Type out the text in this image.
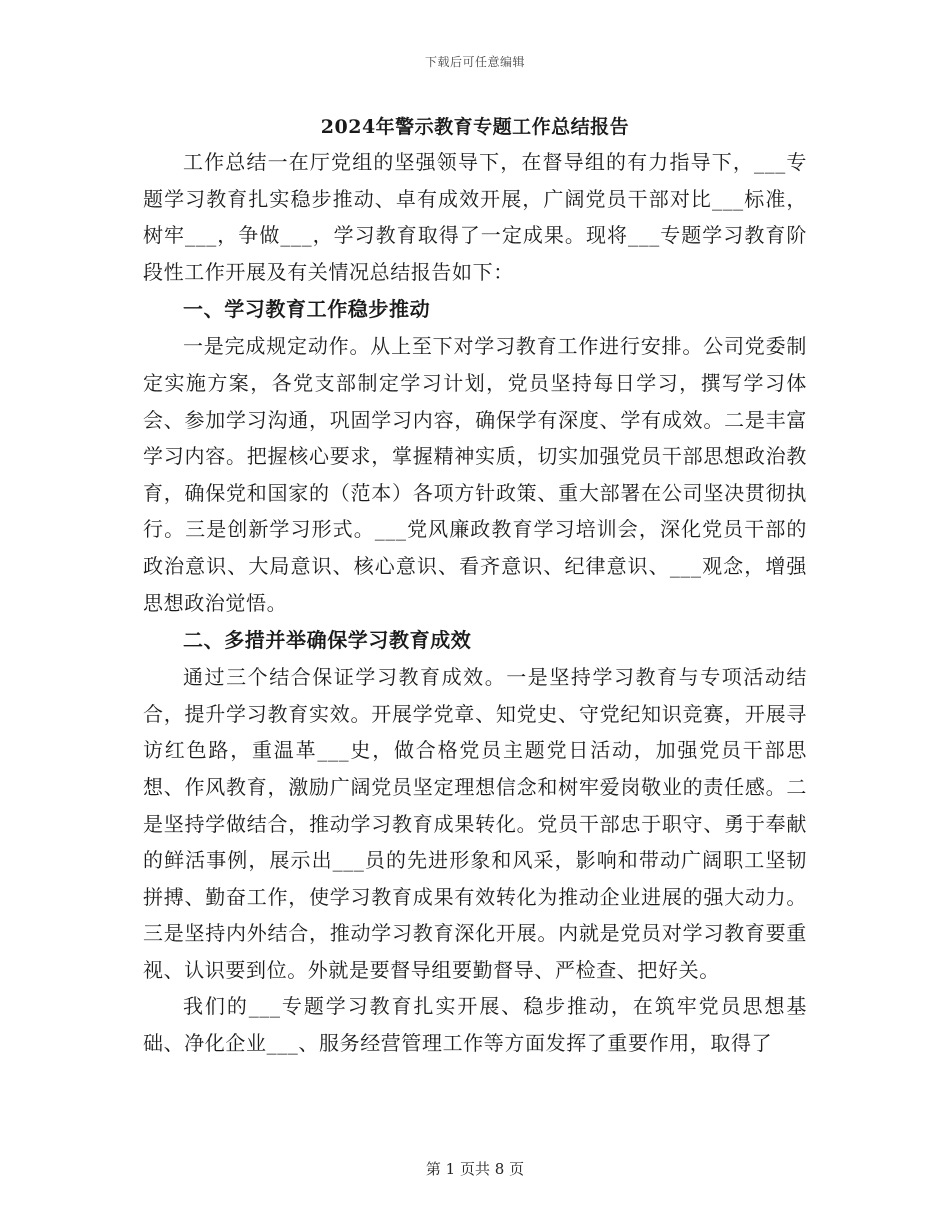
下载后可任意编辑
2024年警示教育专题工作总结报告

工作总结一在厅党组的坚强领导下，在督导组的有力指导下，___专题学习教育扎实稳步推动、卓有成效开展，广阔党员干部对比___标准，树牢___，争做___，学习教育取得了一定成果。现将___专题学习教育阶段性工作开展及有关情况总结报告如下：

一、学习教育工作稳步推动

一是完成规定动作。从上至下对学习教育工作进行安排。公司党委制定实施方案，各党支部制定学习计划，党员坚持每日学习，撰写学习体会、参加学习沟通，巩固学习内容，确保学有深度、学有成效。二是丰富学习内容。把握核心要求，掌握精神实质，切实加强党员干部思想政治教育，确保党和国家的（范本）各项方针政策、重大部署在公司坚决贯彻执行。三是创新学习形式。___党风廉政教育学习培训会，深化党员干部的政治意识、大局意识、核心意识、看齐意识、纪律意识、___观念，增强思想政治觉悟。

二、多措并举确保学习教育成效

通过三个结合保证学习教育成效。一是坚持学习教育与专项活动结合，提升学习教育实效。开展学党章、知党史、守党纪知识竞赛，开展寻访红色路，重温革___史，做合格党员主题党日活动，加强党员干部思想、作风教育，激励广阔党员坚定理想信念和树牢爱岗敬业的责任感。二是坚持学做结合，推动学习教育成果转化。党员干部忠于职守、勇于奉献的鲜活事例，展示出___员的先进形象和风采，影响和带动广阔职工坚韧拼搏、勤奋工作，使学习教育成果有效转化为推动企业进展的强大动力。三是坚持内外结合，推动学习教育深化开展。内就是党员对学习教育要重视、认识要到位。外就是要督导组要勤督导、严检查、把好关。

我们的___专题学习教育扎实开展、稳步推动，在筑牢党员思想基础、净化企业___、服务经营管理工作等方面发挥了重要作用，取得了

第 1 页共 8 页
